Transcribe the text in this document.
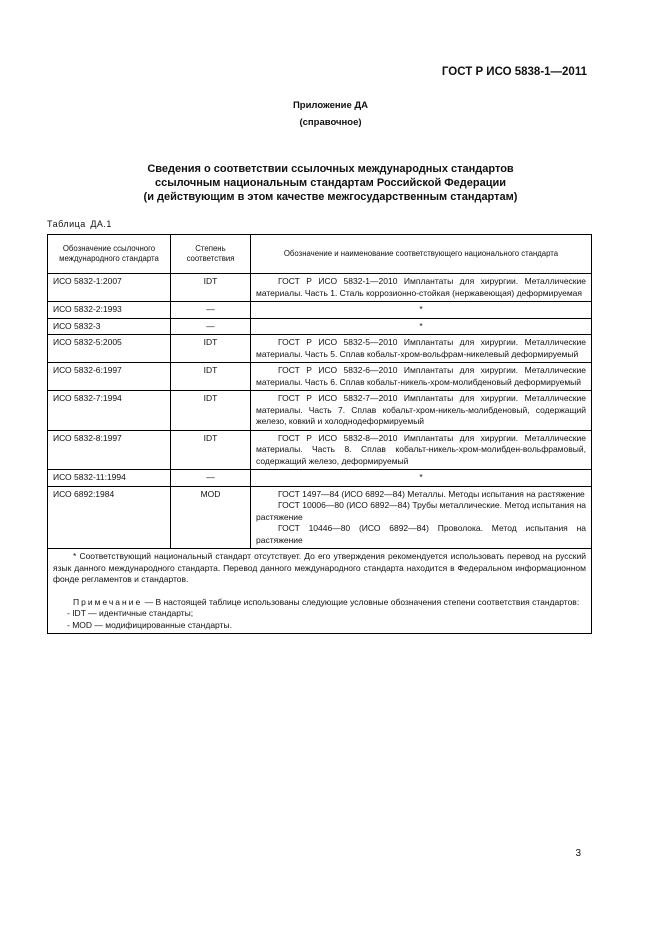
ГОСТ Р ИСО 5838-1—2011
Приложение ДА
(справочное)
Сведения о соответствии ссылочных международных стандартов
ссылочным национальным стандартам Российской Федерации
(и действующим в этом качестве межгосударственным стандартам)
Таблица ДА.1
Обозначение ссылочного международного стандарта	Степень соответствия	Обозначение и наименование соответствующего национального стандарта
ИСО 5832-1:2007	IDT	ГОСТ Р ИСО 5832-1—2010 Имплантаты для хирургии. Металлические материалы. Часть 1. Сталь коррозионно-стойкая (нержавеющая) деформируемая

ИСО 5832-2:1993	—	*

ИСО 5832-3	—	*

ИСО 5832-5:2005	IDT	ГОСТ Р ИСО 5832-5—2010 Имплантаты для хирургии. Металлические материалы. Часть 5. Сплав кобальт-хром-вольфрам-никелевый деформируемый

ИСО 5832-6:1997	IDT	ГОСТ Р ИСО 5832-6—2010 Имплантаты для хирургии. Металлические материалы. Часть 6. Сплав кобальт-никель-хром-молибденовый деформируемый

ИСО 5832-7:1994	IDT	ГОСТ Р ИСО 5832-7—2010 Имплантаты для хирургии. Металлические материалы. Часть 7. Сплав кобальт-хром-никель-молибденовый, содержащий железо, ковкий и холоднодеформируемый

ИСО 5832-8:1997	IDT	ГОСТ Р ИСО 5832-8—2010 Имплантаты для хирургии. Металлические материалы. Часть 8. Сплав кобальт-никель-хром-молибден-вольфрамовый, содержащий железо, деформируемый

ИСО 5832-11:1994	—	*

ИСО 6892:1984	MOD	ГОСТ 1497—84 (ИСО 6892—84) Металлы. Методы испытания на растяжение
ГОСТ 10006—80 (ИСО 6892—84) Трубы металлические. Метод испытания на растяжение
ГОСТ 10446—80 (ИСО 6892—84) Проволока. Метод испытания на растяжение

* Соответствующий национальный стандарт отсутствует. До его утверждения рекомендуется использовать перевод на русский язык данного международного стандарта. Перевод данного международного стандарта находится в Федеральном информационном фонде регламентов и стандартов.
Примечание — В настоящей таблице использованы следующие условные обозначения степени соответствия стандартов:
- IDT — идентичные стандарты;
- MOD — модифицированные стандарты.		
3
